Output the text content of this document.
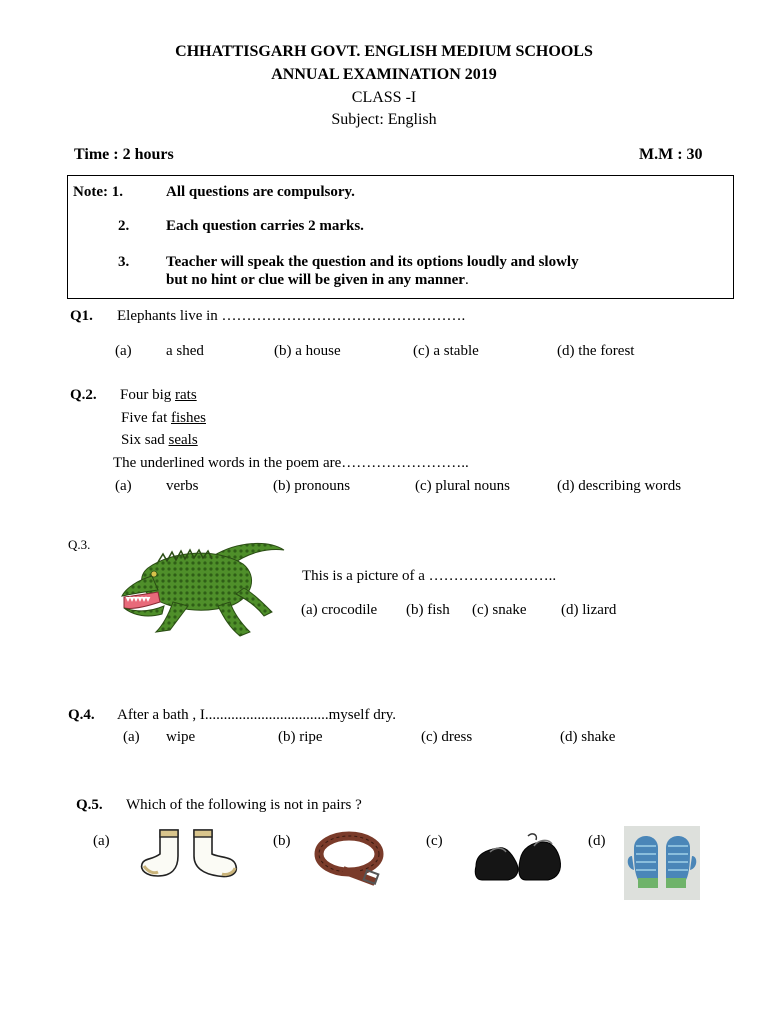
CHHATTISGARH GOVT. ENGLISH MEDIUM SCHOOLS
ANNUAL EXAMINATION 2019
CLASS -I
Subject: English
Time : 2 hours	M.M : 30
Note: 1.	All questions are compulsory.
2. Each question carries 2 marks.
3. Teacher will speak the question and its options loudly and slowly
but no hint or clue will be given in any manner.
Q1. Elephants live in ………………………………………….
(a) a shed	(b) a house	(c) a stable	(d) the forest
Q.2. Four big rats
Five fat fishes
Six sad seals
The underlined words in the poem are……………………..
(a) verbs	(b) pronouns	(c) plural nouns	(d) describing words
Q.3.
This is a picture of a ……………………..
(a) crocodile (b) fish (c) snake (d) lizard
Q.4. After a bath , I.................................myself dry.
(a) wipe	(b) ripe	(c) dress	(d) shake
Q.5. Which of the following is not in pairs ?
(a)	(b)	(c)	(d)
